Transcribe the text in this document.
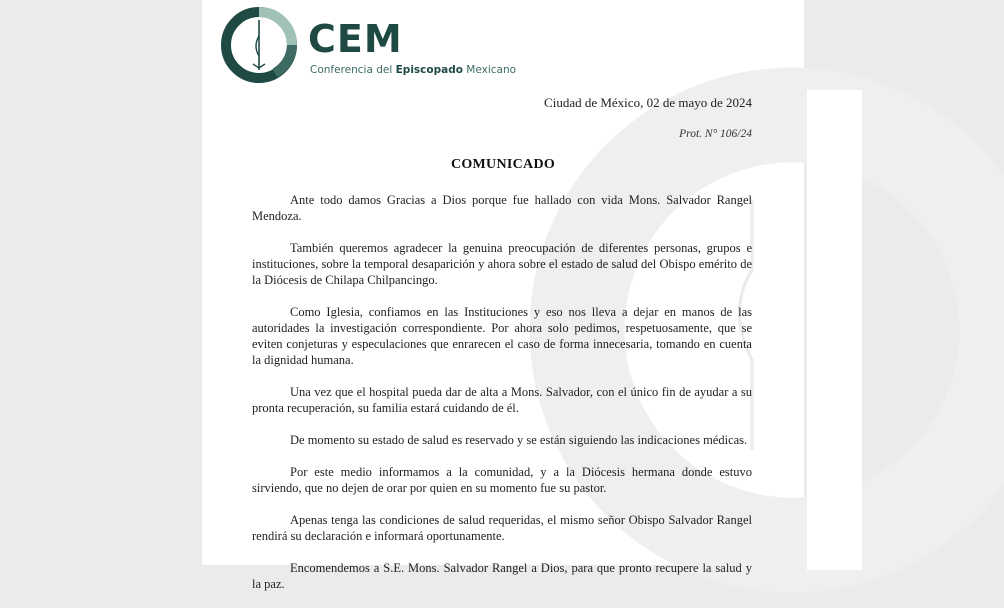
CEM
Conferencia del Episcopado Mexicano
Ciudad de México, 02 de mayo de 2024
Prot. N° 106/24
COMUNICADO

Ante todo damos Gracias a Dios porque fue hallado con vida Mons. Salvador Rangel Mendoza.

También queremos agradecer la genuina preocupación de diferentes personas, grupos e instituciones, sobre la temporal desaparición y ahora sobre el estado de salud del Obispo emérito de la Diócesis de Chilapa Chilpancingo.

Como Iglesia, confiamos en las Instituciones y eso nos lleva a dejar en manos de las autoridades la investigación correspondiente. Por ahora solo pedimos, respetuosamente, que se eviten conjeturas y especulaciones que enrarecen el caso de forma innecesaria, tomando en cuenta la dignidad humana.

Una vez que el hospital pueda dar de alta a Mons. Salvador, con el único fin de ayudar a su pronta recuperación, su familia estará cuidando de él.

De momento su estado de salud es reservado y se están siguiendo las indicaciones médicas.

Por este medio informamos a la comunidad, y a la Diócesis hermana donde estuvo sirviendo, que no dejen de orar por quien en su momento fue su pastor.

Apenas tenga las condiciones de salud requeridas, el mismo señor Obispo Salvador Rangel rendirá su declaración e informará oportunamente.

Encomendemos a S.E. Mons. Salvador Rangel a Dios, para que pronto recupere la salud y la paz.
